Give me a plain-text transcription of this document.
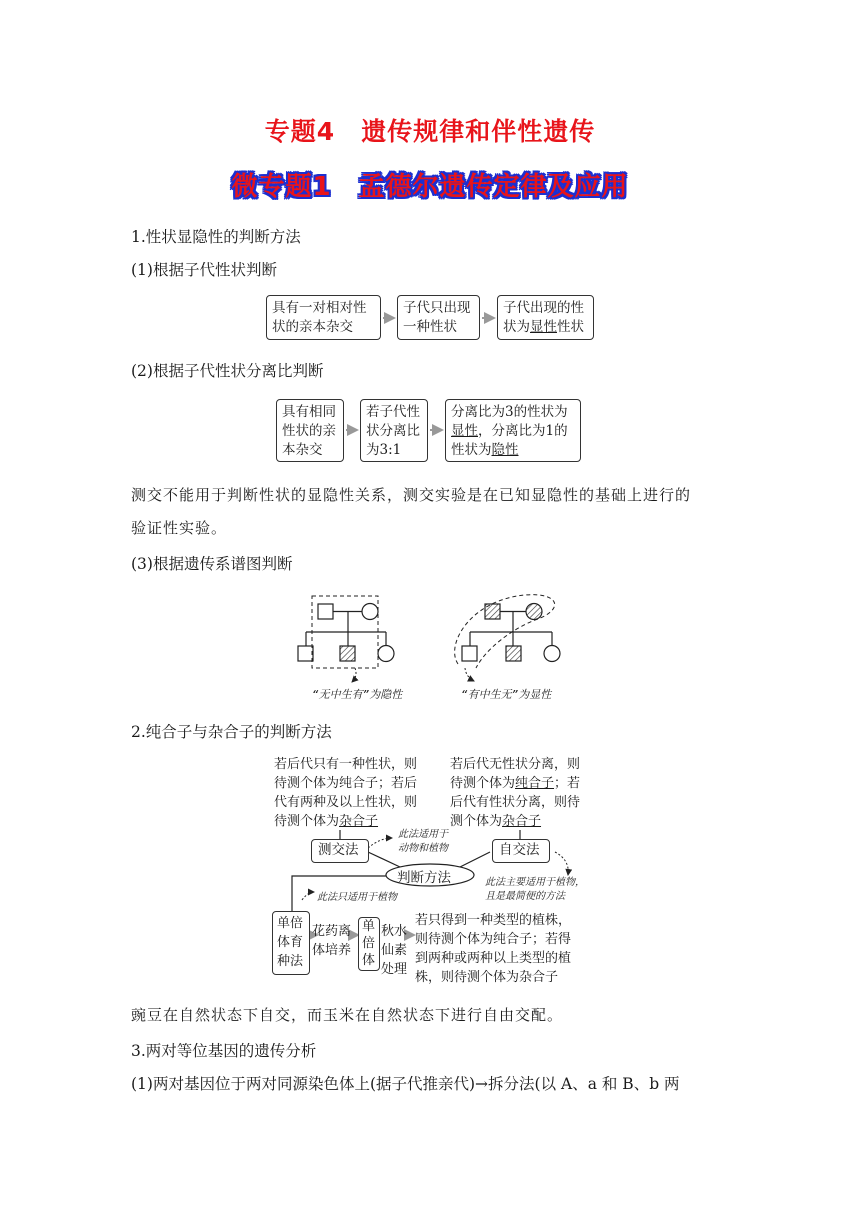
专题4　遗传规律和伴性遗传
微专题1　孟德尔遗传定律及应用
1.性状显隐性的判断方法
(1)根据子代性状判断
具有一对相对性
状的亲本杂交
子代只出现
一种性状
子代出现的性
状为显性性状
(2)根据子代性状分离比判断
具有相同
性状的亲
本杂交
若子代性
状分离比
为3:1
分离比为3的性状为
显性，分离比为1的
性状为隐性
测交不能用于判断性状的显隐性关系，测交实验是在已知显隐性的基础上进行的
验证性实验。
(3)根据遗传系谱图判断
“无中生有”为隐性	“有中生无”为显性
2.纯合子与杂合子的判断方法
若后代只有一种性状，则
待测个体为纯合子；若后
代有两种及以上性状，则
待测个体为杂合子
若后代无性状分离，则
待测个体为纯合子；若
后代有性状分离，则待
测个体为杂合子
测交法	自交法
判断方法
此法适用于
动物和植物
此法主要适用于植物，
且是最简便的方法
此法只适用于植物
单倍
体育
种法
花药离
体培养
单
倍
体
秋水
仙素
处理
若只得到一种类型的植株，
则待测个体为纯合子；若得
到两种或两种以上类型的植
株，则待测个体为杂合子
豌豆在自然状态下自交，而玉米在自然状态下进行自由交配。
3.两对等位基因的遗传分析
(1)两对基因位于两对同源染色体上(据子代推亲代)→拆分法(以 A、a 和 B、b 两
